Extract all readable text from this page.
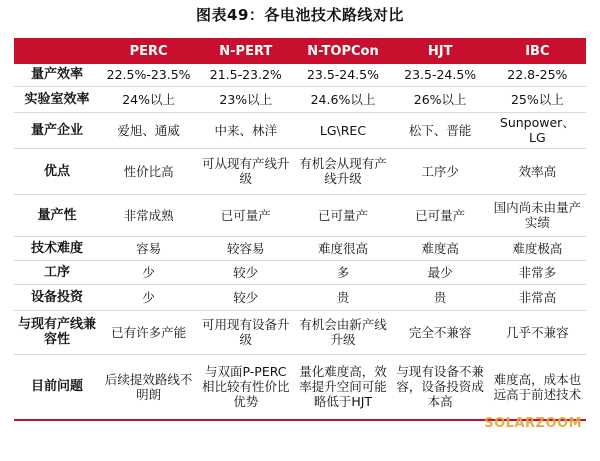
图表49：各电池技术路线对比
	PERC	N-PERT	N-TOPCon	HJT	IBC
量产效率	22.5%-23.5%	21.5-23.2%	23.5-24.5%	23.5-24.5%	22.8-25%
实验室效率	24%以上	23%以上	24.6%以上	26%以上	25%以上
量产企业	爱旭、通威	中来、林洋	LG\REC	松下、晋能	Sunpower、LG
优点	性价比高	可从现有产线升级	有机会从现有产线升级	工序少	效率高
量产性	非常成熟	已可量产	已可量产	已可量产	国内尚未由量产实绩
技术难度	容易	较容易	难度很高	难度高	难度极高
工序	少	较少	多	最少	非常多
设备投资	少	较少	贵	贵	非常高
与现有产线兼容性	已有许多产能	可用现有设备升级	有机会由新产线升级	完全不兼容	几乎不兼容
目前问题	后续提效路线不明朗	与双面P-PERC相比较有性价比优势	量化难度高，效率提升空间可能略低于HJT	与现有设备不兼容，设备投资成本高	难度高，成本也远高于前述技术
SOLARZOOM
